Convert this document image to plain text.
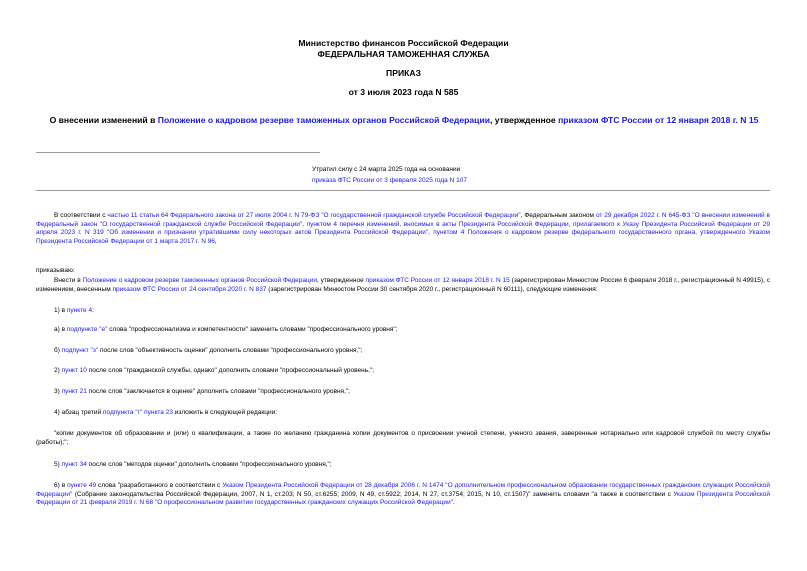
Министерство финансов Российской Федерации
ФЕДЕРАЛЬНАЯ ТАМОЖЕННАЯ СЛУЖБА
ПРИКАЗ
от 3 июля 2023 года N 585
О внесении изменений в Положение о кадровом резерве таможенных органов Российской Федерации, утвержденное приказом ФТС России от 12 января 2018 г. N 15
Утратил силу с 24 марта 2025 года на основании
приказа ФТС России от 3 февраля 2025 года N 107
В соответствии с частью 11 статьи 64 Федерального закона от 27 июля 2004 г. N 79-ФЗ "О государственной гражданской службе Российской Федерации", Федеральным законом от 29 декабря 2022 г. N 645-ФЗ "О внесении изменений в Федеральный закон "О государственной гражданской службе Российской Федерации", пунктом 4 перечня изменений, вносимых в акты Президента Российской Федерации, прилагаемого к Указу Президента Российской Федерации от 29 апреля 2023 г. N 319 "Об изменении и признании утратившими силу некоторых актов Президента Российской Федерации", пунктом 4 Положения о кадровом резерве федерального государственного органа, утвержденного Указом Президента Российской Федерации от 1 марта 2017 г. N 96,
приказываю:
Внести в Положение о кадровом резерве таможенных органов Российской Федерации, утвержденное приказом ФТС России от 12 января 2018 г. N 15 (зарегистрирован Минюстом России 6 февраля 2018 г., регистрационный N 49915), с изменением, внесенным приказом ФТС России от 24 сентября 2020 г. N 837 (зарегистрирован Минюстом России 30 сентября 2020 г., регистрационный N 60111), следующие изменения:
1) в пункте 4:
а) в подпункте "е" слова "профессионализма и компетентности" заменить словами "профессионального уровня";
б) подпункт "з" после слов "объективность оценки" дополнить словами "профессионального уровня,";
2) пункт 10 после слов "гражданской службы, однако" дополнить словами "профессиональный уровень,";
3) пункт 21 после слов "заключается в оценке" дополнить словами "профессионального уровня,";
4) абзац третий подпункта "г" пункта 23 изложить в следующей редакции:
"копии документов об образовании и (или) о квалификации, а также по желанию гражданина копии документов о присвоении ученой степени, ученого звания, заверенные нотариально или кадровой службой по месту службы (работы);";
5) пункт 34 после слов "методов оценки" дополнить словами "профессионального уровня,";
6) в пункте 49 слова "разработанного в соответствии с Указом Президента Российской Федерации от 28 декабря 2006 г. N 1474 "О дополнительном профессиональном образовании государственных гражданских служащих Российской Федерации" (Собрание законодательства Российской Федерации, 2007, N 1, ст.203; N 50, ст.6255; 2009, N 49, ст.5922; 2014, N 27, ст.3754; 2015, N 10, ст.1507)" заменить словами "а также в соответствии с Указом Президента Российской Федерации от 21 февраля 2019 г. N 68 "О профессиональном развитии государственных гражданских служащих Российской Федерации".
